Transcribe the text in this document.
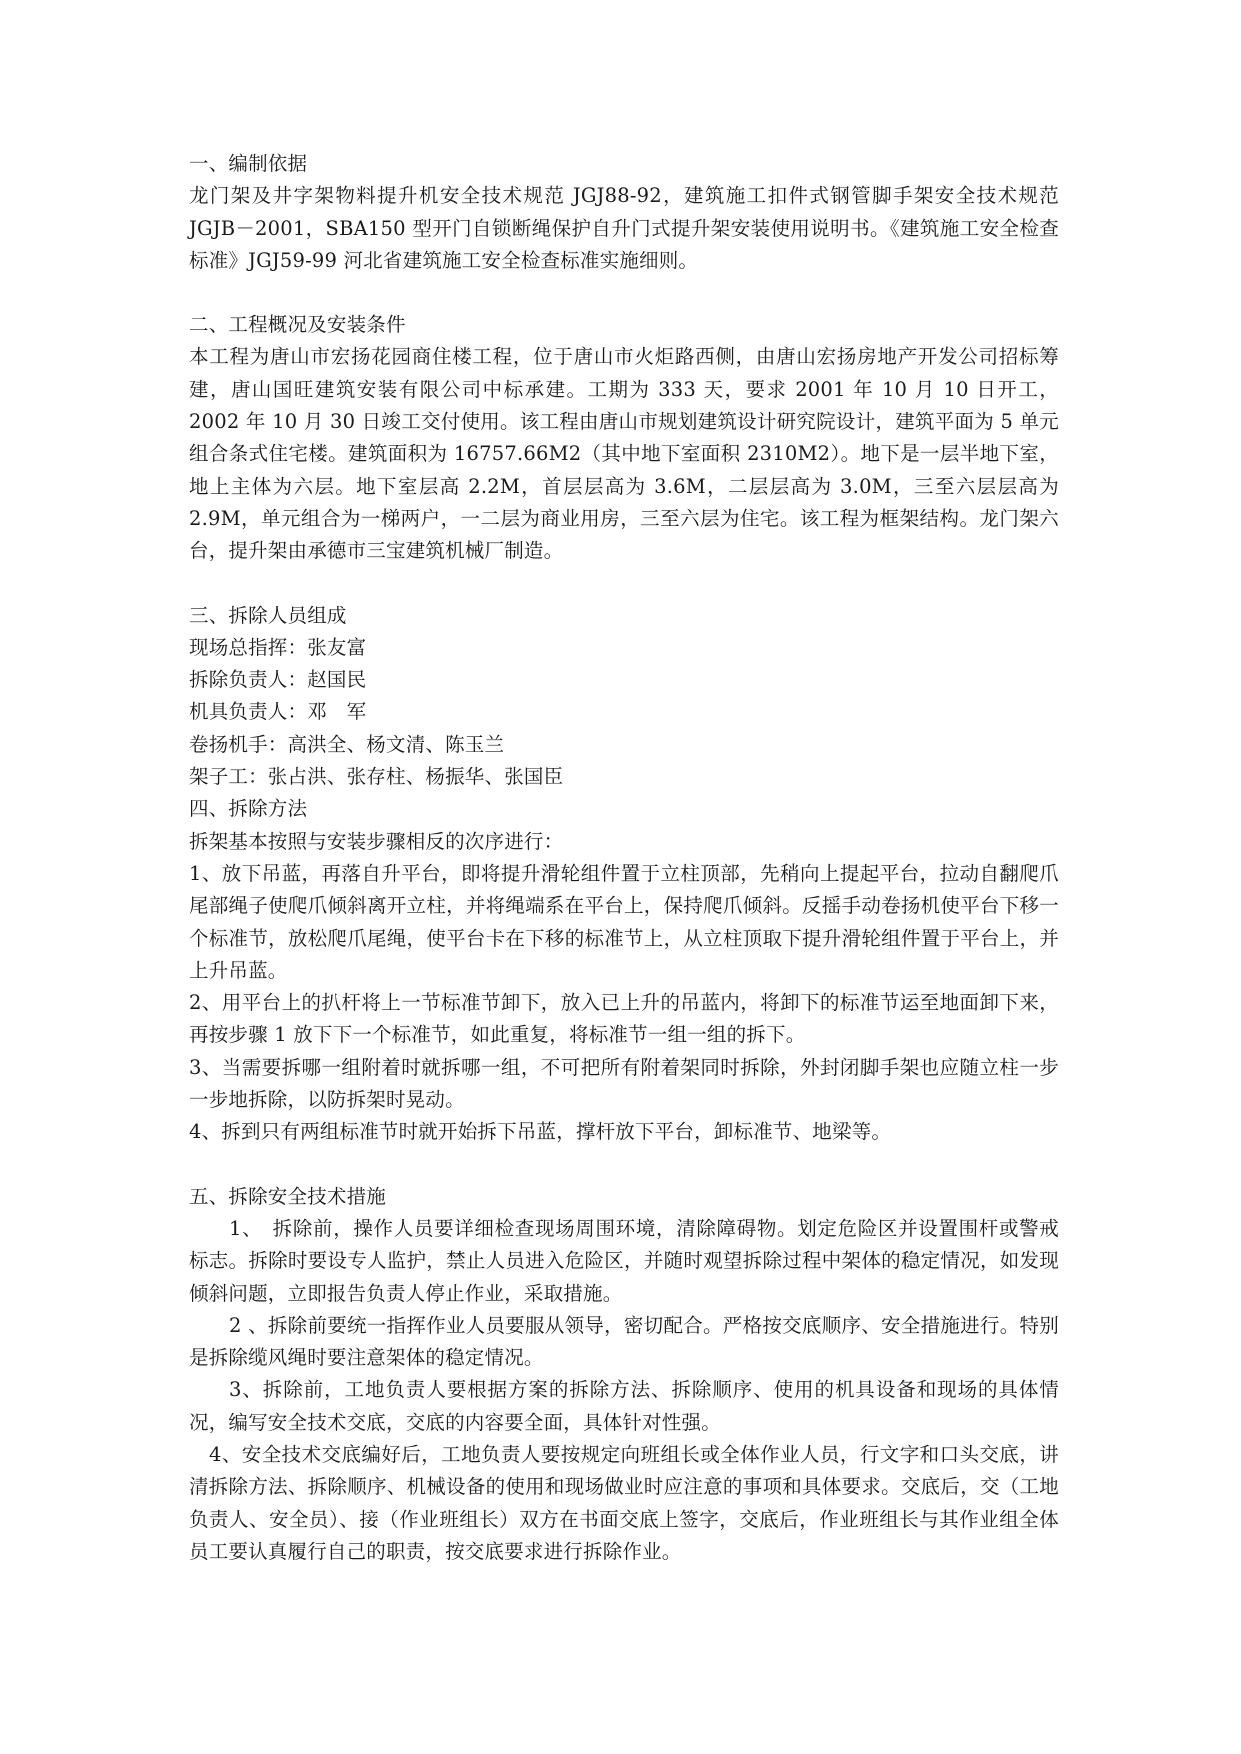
一、编制依据

龙门架及井字架物料提升机安全技术规范 JGJ88-92，建筑施工扣件式钢管脚手架安全技术规范 JGJB－2001，SBA150 型开门自锁断绳保护自升门式提升架安装使用说明书。《建筑施工安全检查标准》JGJ59-99 河北省建筑施工安全检查标准实施细则。

二、工程概况及安装条件

本工程为唐山市宏扬花园商住楼工程，位于唐山市火炬路西侧，由唐山宏扬房地产开发公司招标筹建，唐山国旺建筑安装有限公司中标承建。工期为 333 天，要求 2001 年 10 月 10 日开工，2002 年 10 月 30 日竣工交付使用。该工程由唐山市规划建筑设计研究院设计，建筑平面为 5 单元组合条式住宅楼。建筑面积为 16757.66M2（其中地下室面积 2310M2）。地下是一层半地下室，地上主体为六层。地下室层高 2.2M，首层层高为 3.6M，二层层高为 3.0M，三至六层层高为 2.9M，单元组合为一梯两户，一二层为商业用房，三至六层为住宅。该工程为框架结构。龙门架六台，提升架由承德市三宝建筑机械厂制造。

三、拆除人员组成

现场总指挥：张友富

拆除负责人：赵国民

机具负责人：邓　军

卷扬机手：高洪全、杨文清、陈玉兰

架子工：张占洪、张存柱、杨振华、张国臣

四、拆除方法

拆架基本按照与安装步骤相反的次序进行：

1、放下吊蓝，再落自升平台，即将提升滑轮组件置于立柱顶部，先稍向上提起平台，拉动自翻爬爪尾部绳子使爬爪倾斜离开立柱，并将绳端系在平台上，保持爬爪倾斜。反摇手动卷扬机使平台下移一个标准节，放松爬爪尾绳，使平台卡在下移的标准节上，从立柱顶取下提升滑轮组件置于平台上，并上升吊蓝。

2、用平台上的扒杆将上一节标准节卸下，放入已上升的吊蓝内，将卸下的标准节运至地面卸下来，再按步骤 1 放下下一个标准节，如此重复，将标准节一组一组的拆下。

3、当需要拆哪一组附着时就拆哪一组，不可把所有附着架同时拆除，外封闭脚手架也应随立柱一步一步地拆除，以防拆架时晃动。

4、拆到只有两组标准节时就开始拆下吊蓝，撑杆放下平台，卸标准节、地梁等。

五、拆除安全技术措施

1、　拆除前，操作人员要详细检查现场周围环境，清除障碍物。划定危险区并设置围杆或警戒标志。拆除时要设专人监护，禁止人员进入危险区，并随时观望拆除过程中架体的稳定情况，如发现倾斜问题，立即报告负责人停止作业，采取措施。

2 、拆除前要统一指挥作业人员要服从领导，密切配合。严格按交底顺序、安全措施进行。特别是拆除缆风绳时要注意架体的稳定情况。

3、拆除前，工地负责人要根据方案的拆除方法、拆除顺序、使用的机具设备和现场的具体情况，编写安全技术交底，交底的内容要全面，具体针对性强。

4、安全技术交底编好后，工地负责人要按规定向班组长或全体作业人员，行文字和口头交底，讲清拆除方法、拆除顺序、机械设备的使用和现场做业时应注意的事项和具体要求。交底后，交（工地负责人、安全员）、接（作业班组长）双方在书面交底上签字，交底后，作业班组长与其作业组全体员工要认真履行自己的职责，按交底要求进行拆除作业。
